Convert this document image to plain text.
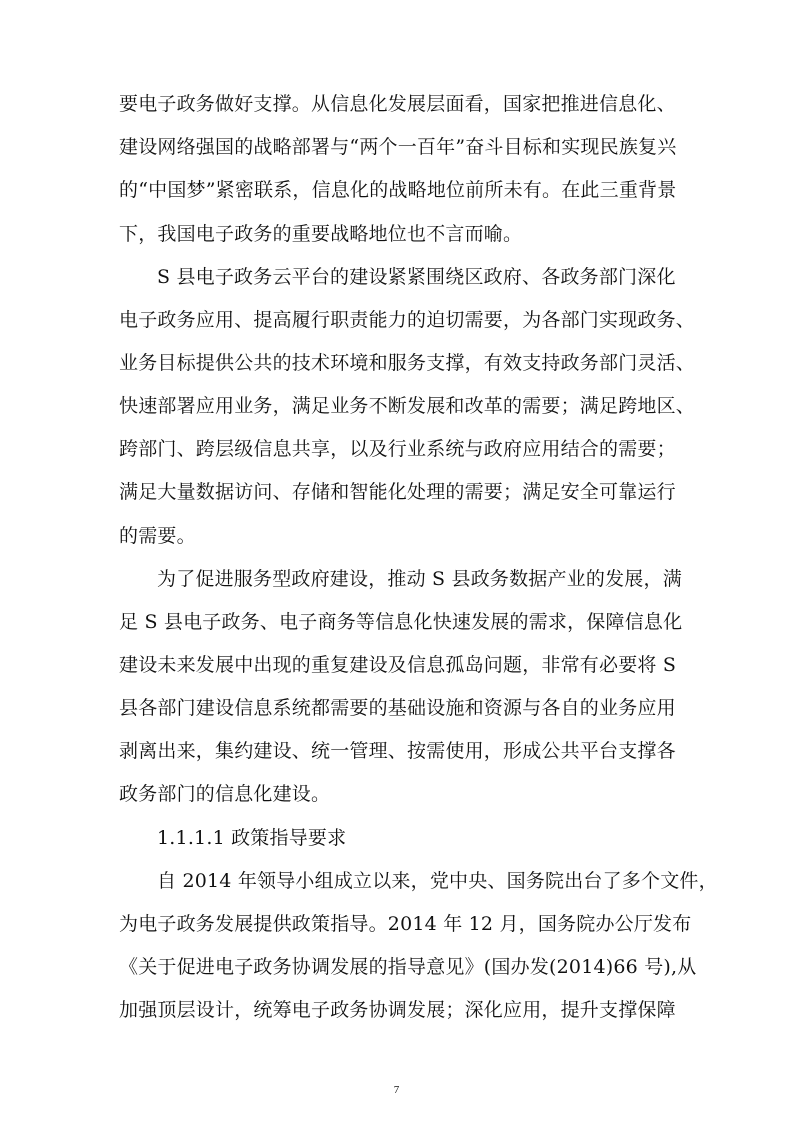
要电子政务做好支撑。从信息化发展层面看，国家把推进信息化、
建设网络强国的战略部署与“两个一百年”奋斗目标和实现民族复兴
的“中国梦”紧密联系，信息化的战略地位前所未有。在此三重背景
下，我国电子政务的重要战略地位也不言而喻。
S 县电子政务云平台的建设紧紧围绕区政府、各政务部门深化
电子政务应用、提高履行职责能力的迫切需要，为各部门实现政务、
业务目标提供公共的技术环境和服务支撑，有效支持政务部门灵活、
快速部署应用业务，满足业务不断发展和改革的需要；满足跨地区、
跨部门、跨层级信息共享，以及行业系统与政府应用结合的需要；
满足大量数据访问、存储和智能化处理的需要；满足安全可靠运行
的需要。
为了促进服务型政府建设，推动 S 县政务数据产业的发展，满
足 S 县电子政务、电子商务等信息化快速发展的需求，保障信息化
建设未来发展中出现的重复建设及信息孤岛问题，非常有必要将 S
县各部门建设信息系统都需要的基础设施和资源与各自的业务应用
剥离出来，集约建设、统一管理、按需使用，形成公共平台支撑各
政务部门的信息化建设。
1.1.1.1 政策指导要求
自 2014 年领导小组成立以来，党中央、国务院出台了多个文件，
为电子政务发展提供政策指导。2014 年 12 月，国务院办公厅发布
《关于促进电子政务协调发展的指导意见》(国办发(2014)66 号),从
加强顶层设计，统筹电子政务协调发展；深化应用，提升支撑保障
7
